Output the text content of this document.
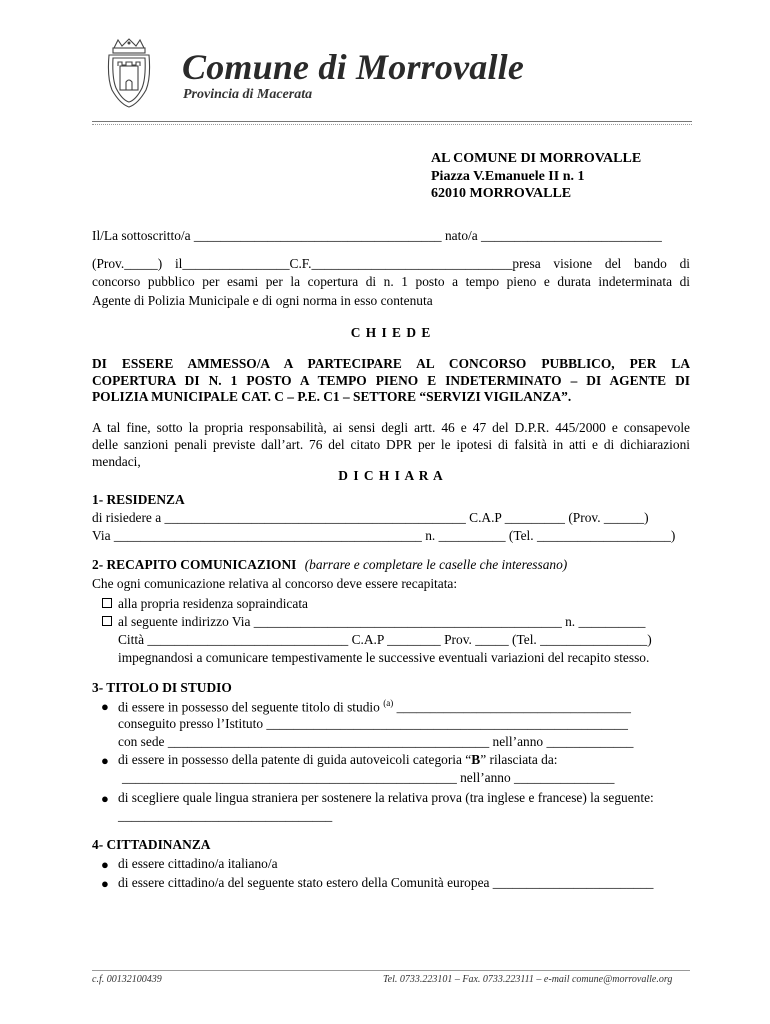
Comune di Morrovalle
Provincia di Macerata
AL COMUNE DI MORROVALLE
Piazza V.Emanuele II n. 1
62010 MORROVALLE
Il/La sottoscritto/a _____________________________________ nato/a ___________________________
(Prov._____) il________________C.F.______________________________presa visione del bando di
concorso pubblico per esami per la copertura di n. 1 posto a tempo pieno e durata indeterminata di
Agente di Polizia Municipale e di ogni norma in esso contenuta
C H I E D E
DI ESSERE AMMESSO/A A PARTECIPARE AL CONCORSO PUBBLICO, PER LA
COPERTURA DI N. 1 POSTO A TEMPO PIENO E INDETERMINATO – DI AGENTE DI
POLIZIA MUNICIPALE CAT. C – P.E. C1 – SETTORE “SERVIZI VIGILANZA”.
A tal fine, sotto la propria responsabilità, ai sensi degli artt. 46 e 47 del D.P.R. 445/2000 e consapevole
delle sanzioni penali previste dall’art. 76 del citato DPR per le ipotesi di falsità in atti e di dichiarazioni
mendaci,
D I C H I A R A
1- RESIDENZA
di risiedere a _____________________________________________ C.A.P _________ (Prov. ______)
Via ______________________________________________ n. __________ (Tel. ____________________)
2- RECAPITO COMUNICAZIONI (barrare e completare le caselle che interessano)
Che ogni comunicazione relativa al concorso deve essere recapitata:
alla propria residenza sopraindicata
al seguente indirizzo Via ______________________________________________ n. __________
Città ______________________________ C.A.P ________ Prov. _____ (Tel. ________________)
impegnandosi a comunicare tempestivamente le successive eventuali variazioni del recapito stesso.
3- TITOLO DI STUDIO
● di essere in possesso del seguente titolo di studio $^{(a)}$ ___________________________________
conseguito presso l’Istituto ______________________________________________________
con sede ________________________________________________ nell’anno _____________
● di essere in possesso della patente di guida autoveicoli categoria “B” rilasciata da:
__________________________________________________ nell’anno _______________
● di scegliere quale lingua straniera per sostenere la relativa prova (tra inglese e francese) la seguente:
________________________________
4- CITTADINANZA
● di essere cittadino/a italiano/a
● di essere cittadino/a del seguente stato estero della Comunità europea ________________________
c.f. 00132100439	Tel. 0733.223101 – Fax. 0733.223111 – e-mail comune@morrovalle.org
